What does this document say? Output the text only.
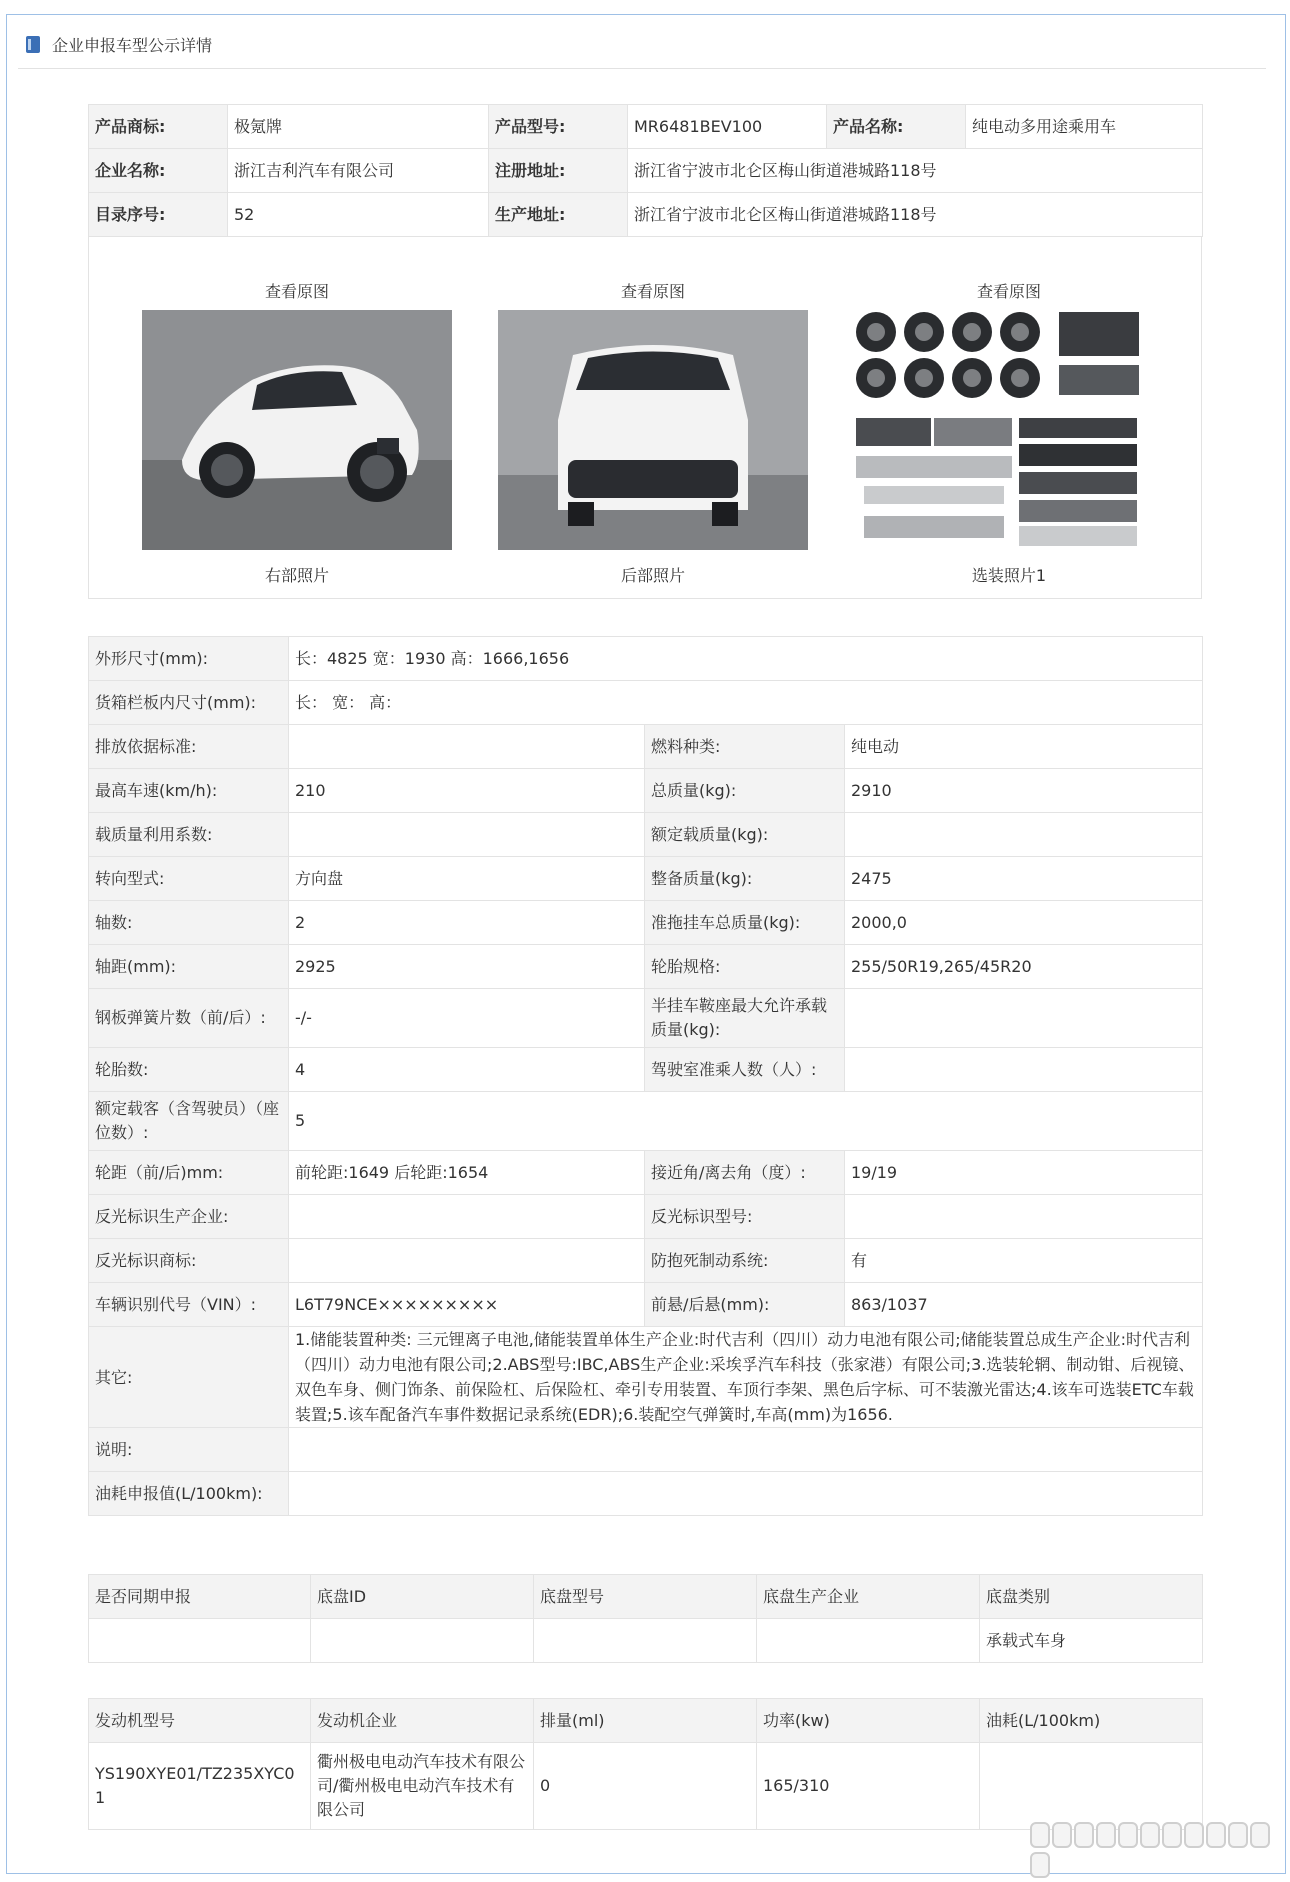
企业申报车型公示详情
产品商标:	极氪牌	产品型号:	MR6481BEV100	产品名称:	纯电动多用途乘用车
企业名称:	浙江吉利汽车有限公司	注册地址:	浙江省宁波市北仑区梅山街道港城路118号		
目录序号:	52	生产地址:	浙江省宁波市北仑区梅山街道港城路118号		
查看原图
右部照片
查看原图
后部照片
查看原图
选装照片1
外形尺寸(mm):	长：4825 宽：1930 高：1666,1656		
货箱栏板内尺寸(mm):	长： 宽： 高：		
排放依据标准:		燃料种类:	纯电动
最高车速(km/h):	210	总质量(kg):	2910
载质量利用系数:		额定载质量(kg):	
转向型式:	方向盘	整备质量(kg):	2475
轴数:	2	准拖挂车总质量(kg):	2000,0
轴距(mm):	2925	轮胎规格:	255/50R19,265/45R20
钢板弹簧片数（前/后）:	-/-	半挂车鞍座最大允许承载质量(kg):	
轮胎数:	4	驾驶室准乘人数（人）:	
额定载客（含驾驶员）（座位数）:	5		
轮距（前/后)mm:	前轮距:1649 后轮距:1654	接近角/离去角（度）:	19/19
反光标识生产企业:		反光标识型号:	
反光标识商标:		防抱死制动系统:	有
车辆识别代号（VIN）:	L6T79NCE×××××××××	前悬/后悬(mm):	863/1037
其它:	1.储能装置种类: 三元锂离子电池,储能装置单体生产企业:时代吉利（四川）动力电池有限公司;储能装置总成生产企业:时代吉利（四川）动力电池有限公司;2.ABS型号:IBC,ABS生产企业:采埃孚汽车科技（张家港）有限公司;3.选装轮辋、制动钳、后视镜、双色车身、侧门饰条、前保险杠、后保险杠、牵引专用装置、车顶行李架、黑色后字标、可不装激光雷达;4.该车可选装ETC车载装置;5.该车配备汽车事件数据记录系统(EDR);6.装配空气弹簧时,车高(mm)为1656.		
说明:			
油耗申报值(L/100km):			
是否同期申报	底盘ID	底盘型号	底盘生产企业	底盘类别
				承载式车身
发动机型号	发动机企业	排量(ml)	功率(kw)	油耗(L/100km)
YS190XYE01/TZ235XYC01	衢州极电电动汽车技术有限公司/衢州极电电动汽车技术有限公司	0	165/310	
